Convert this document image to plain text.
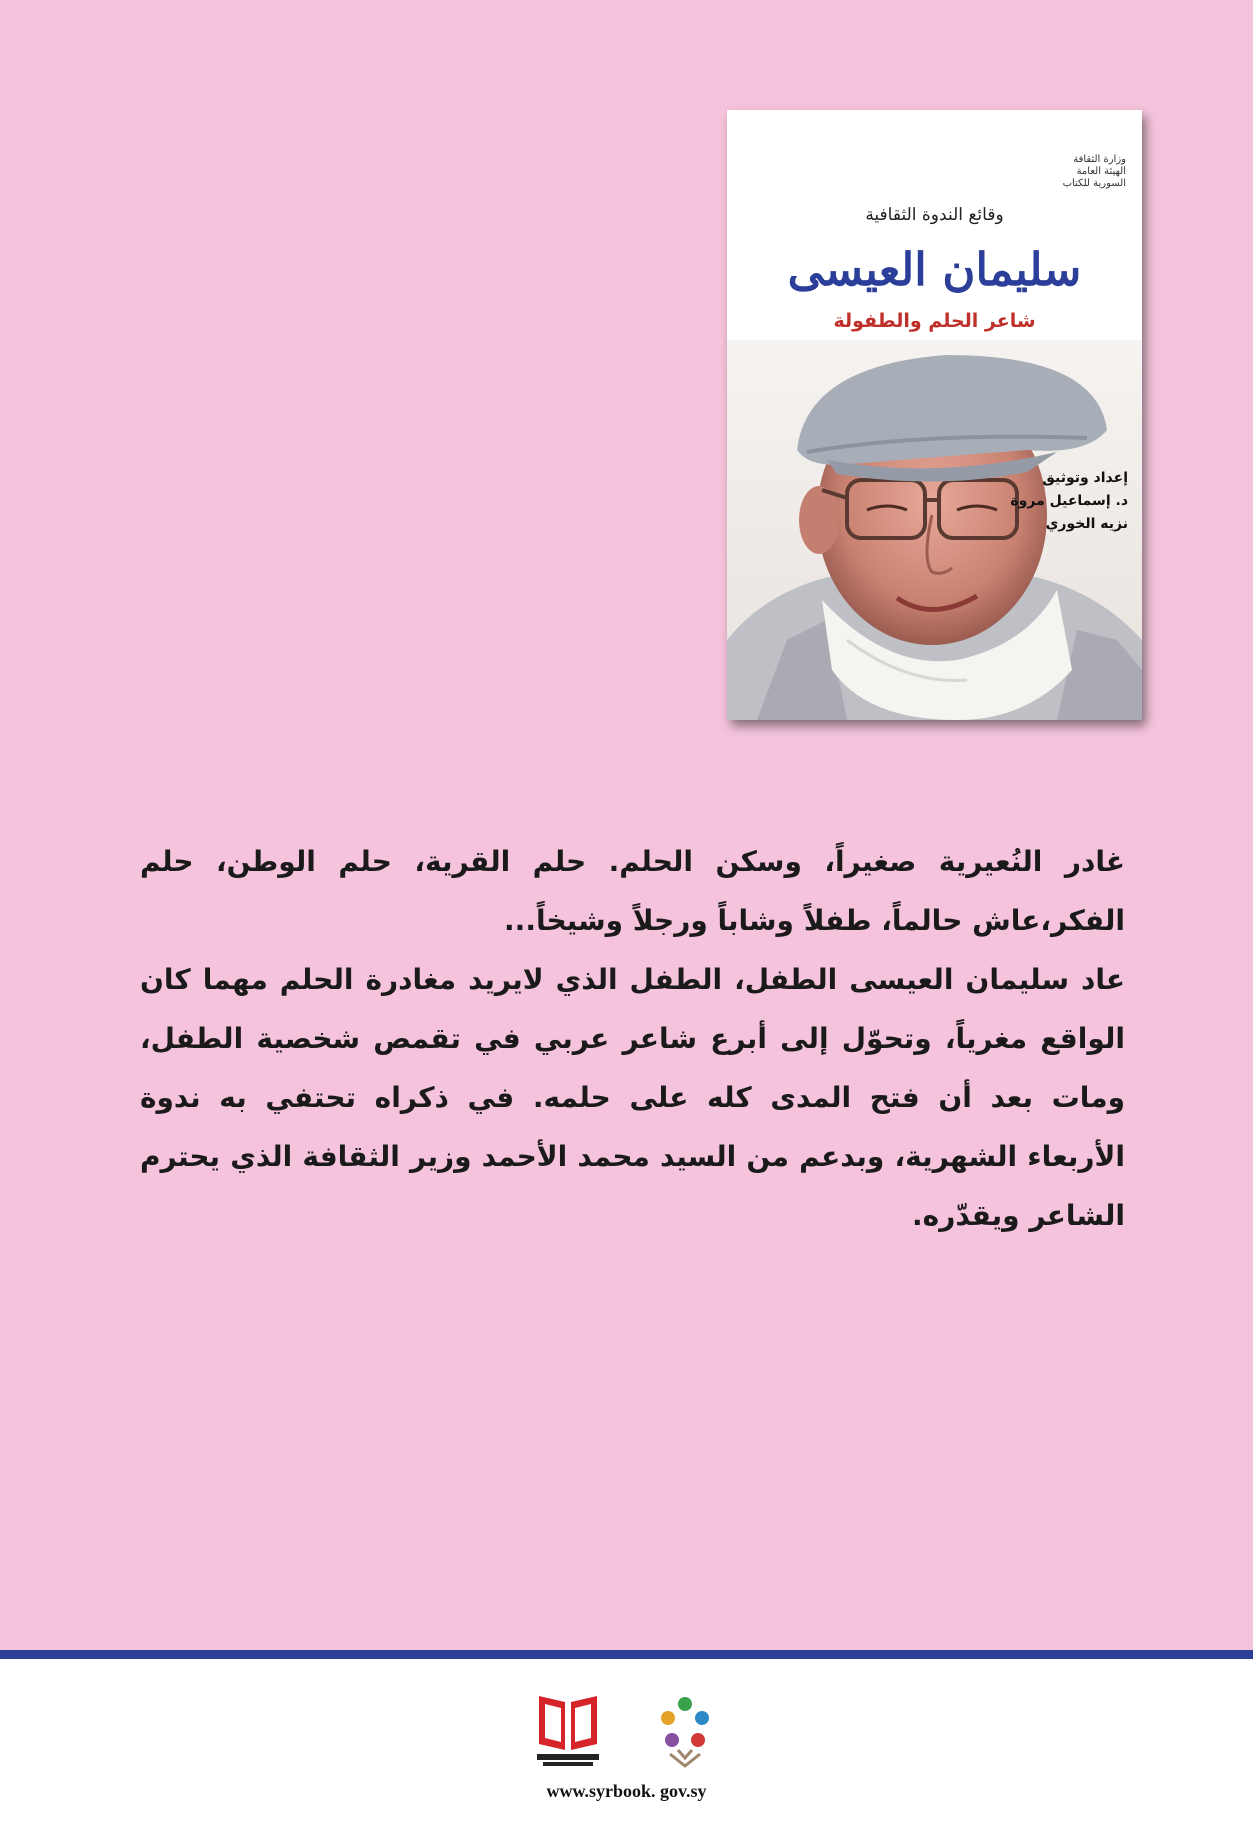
وزارة الثقافة
الهيئة العامة السورية للكتاب
وقائع الندوة الثقافية
سليمان العيسى
شاعر الحلم والطفولة
إعداد وتوثيق
د. إسماعيل مروة
نزيه الخوري

غادر النُعيرية صغيراً، وسكن الحلم. حلم القرية، حلم الوطن، حلم الفكر،عاش حالماً، طفلاً وشاباً ورجلاً وشيخاً...

عاد سليمان العيسى الطفل، الطفل الذي لايريد مغادرة الحلم مهما كان الواقع مغرياً، وتحوّل إلى أبرع شاعر عربي في تقمص شخصية الطفل، ومات بعد أن فتح المدى كله على حلمه. في ذكراه تحتفي به ندوة الأربعاء الشهرية، وبدعم من السيد محمد الأحمد وزير الثقافة الذي يحترم الشاعر ويقدّره.

www.syrbook. gov.sy
